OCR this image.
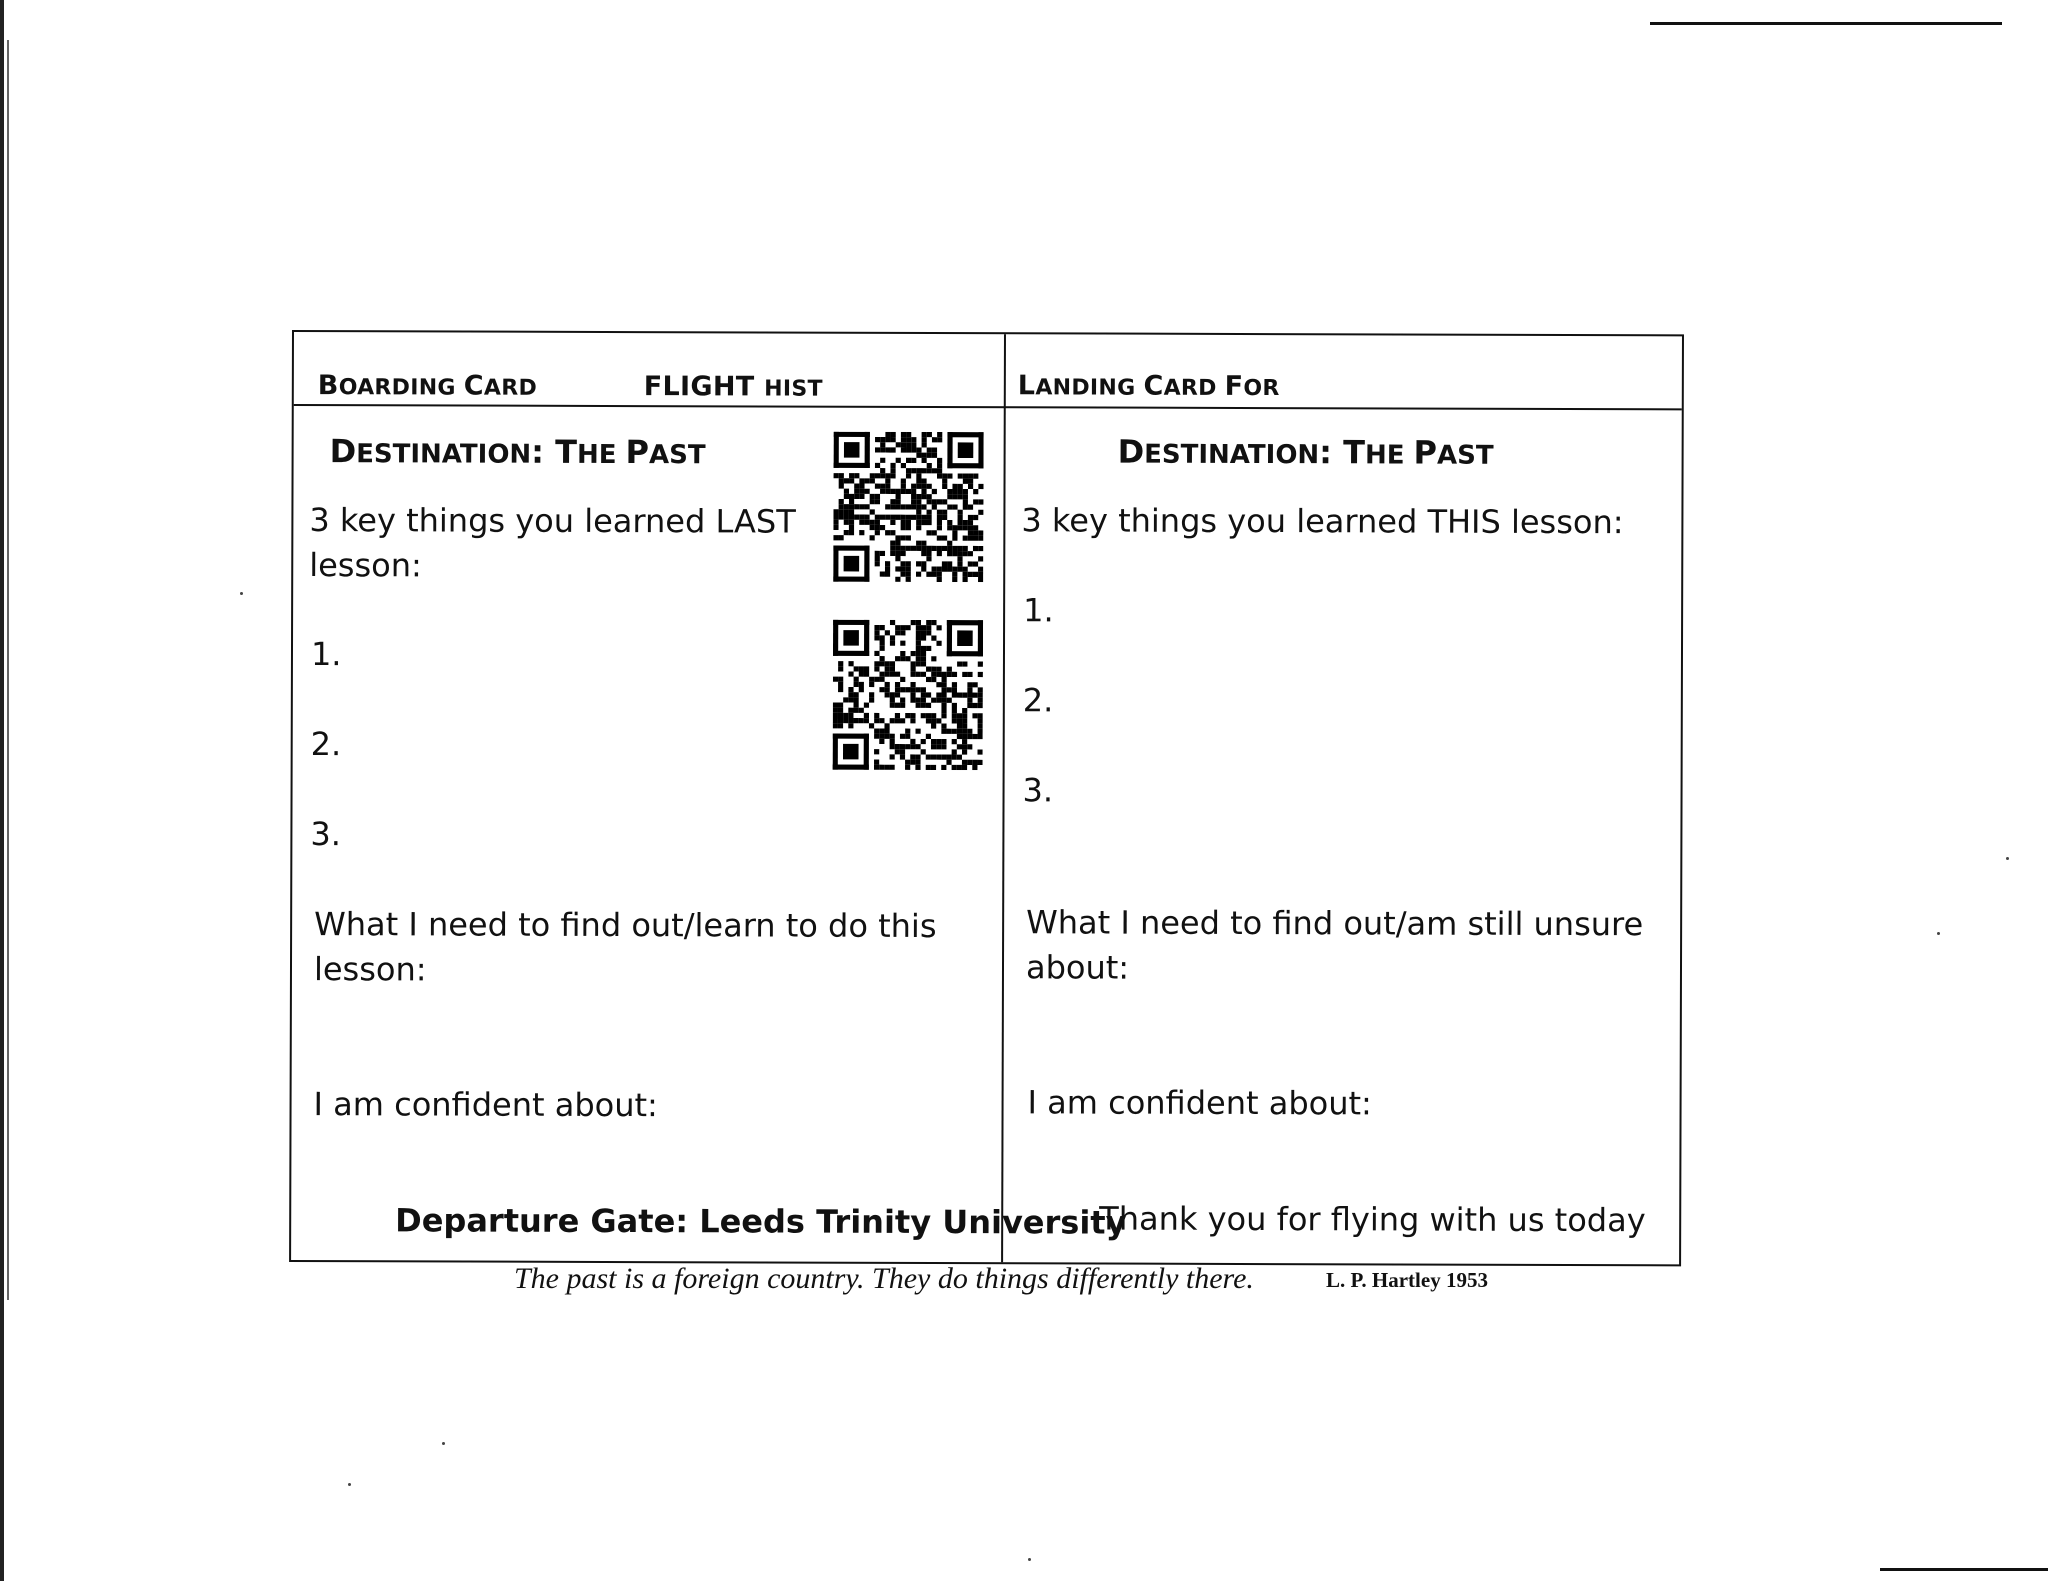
BOARDING CARD	FLIGHT HIST
DESTINATION: THE PAST
3 key things you learned LAST
lesson:
1.
2.
3.
What I need to find out/learn to do this
lesson:
I am confident about:
Departure Gate: Leeds Trinity University
LANDING CARD FOR
DESTINATION: THE PAST
3 key things you learned THIS lesson:
1.
2.
3.
What I need to find out/am still unsure
about:
I am confident about:
Thank you for flying with us today
The past is a foreign country. They do things differently there.	L. P. Hartley 1953
